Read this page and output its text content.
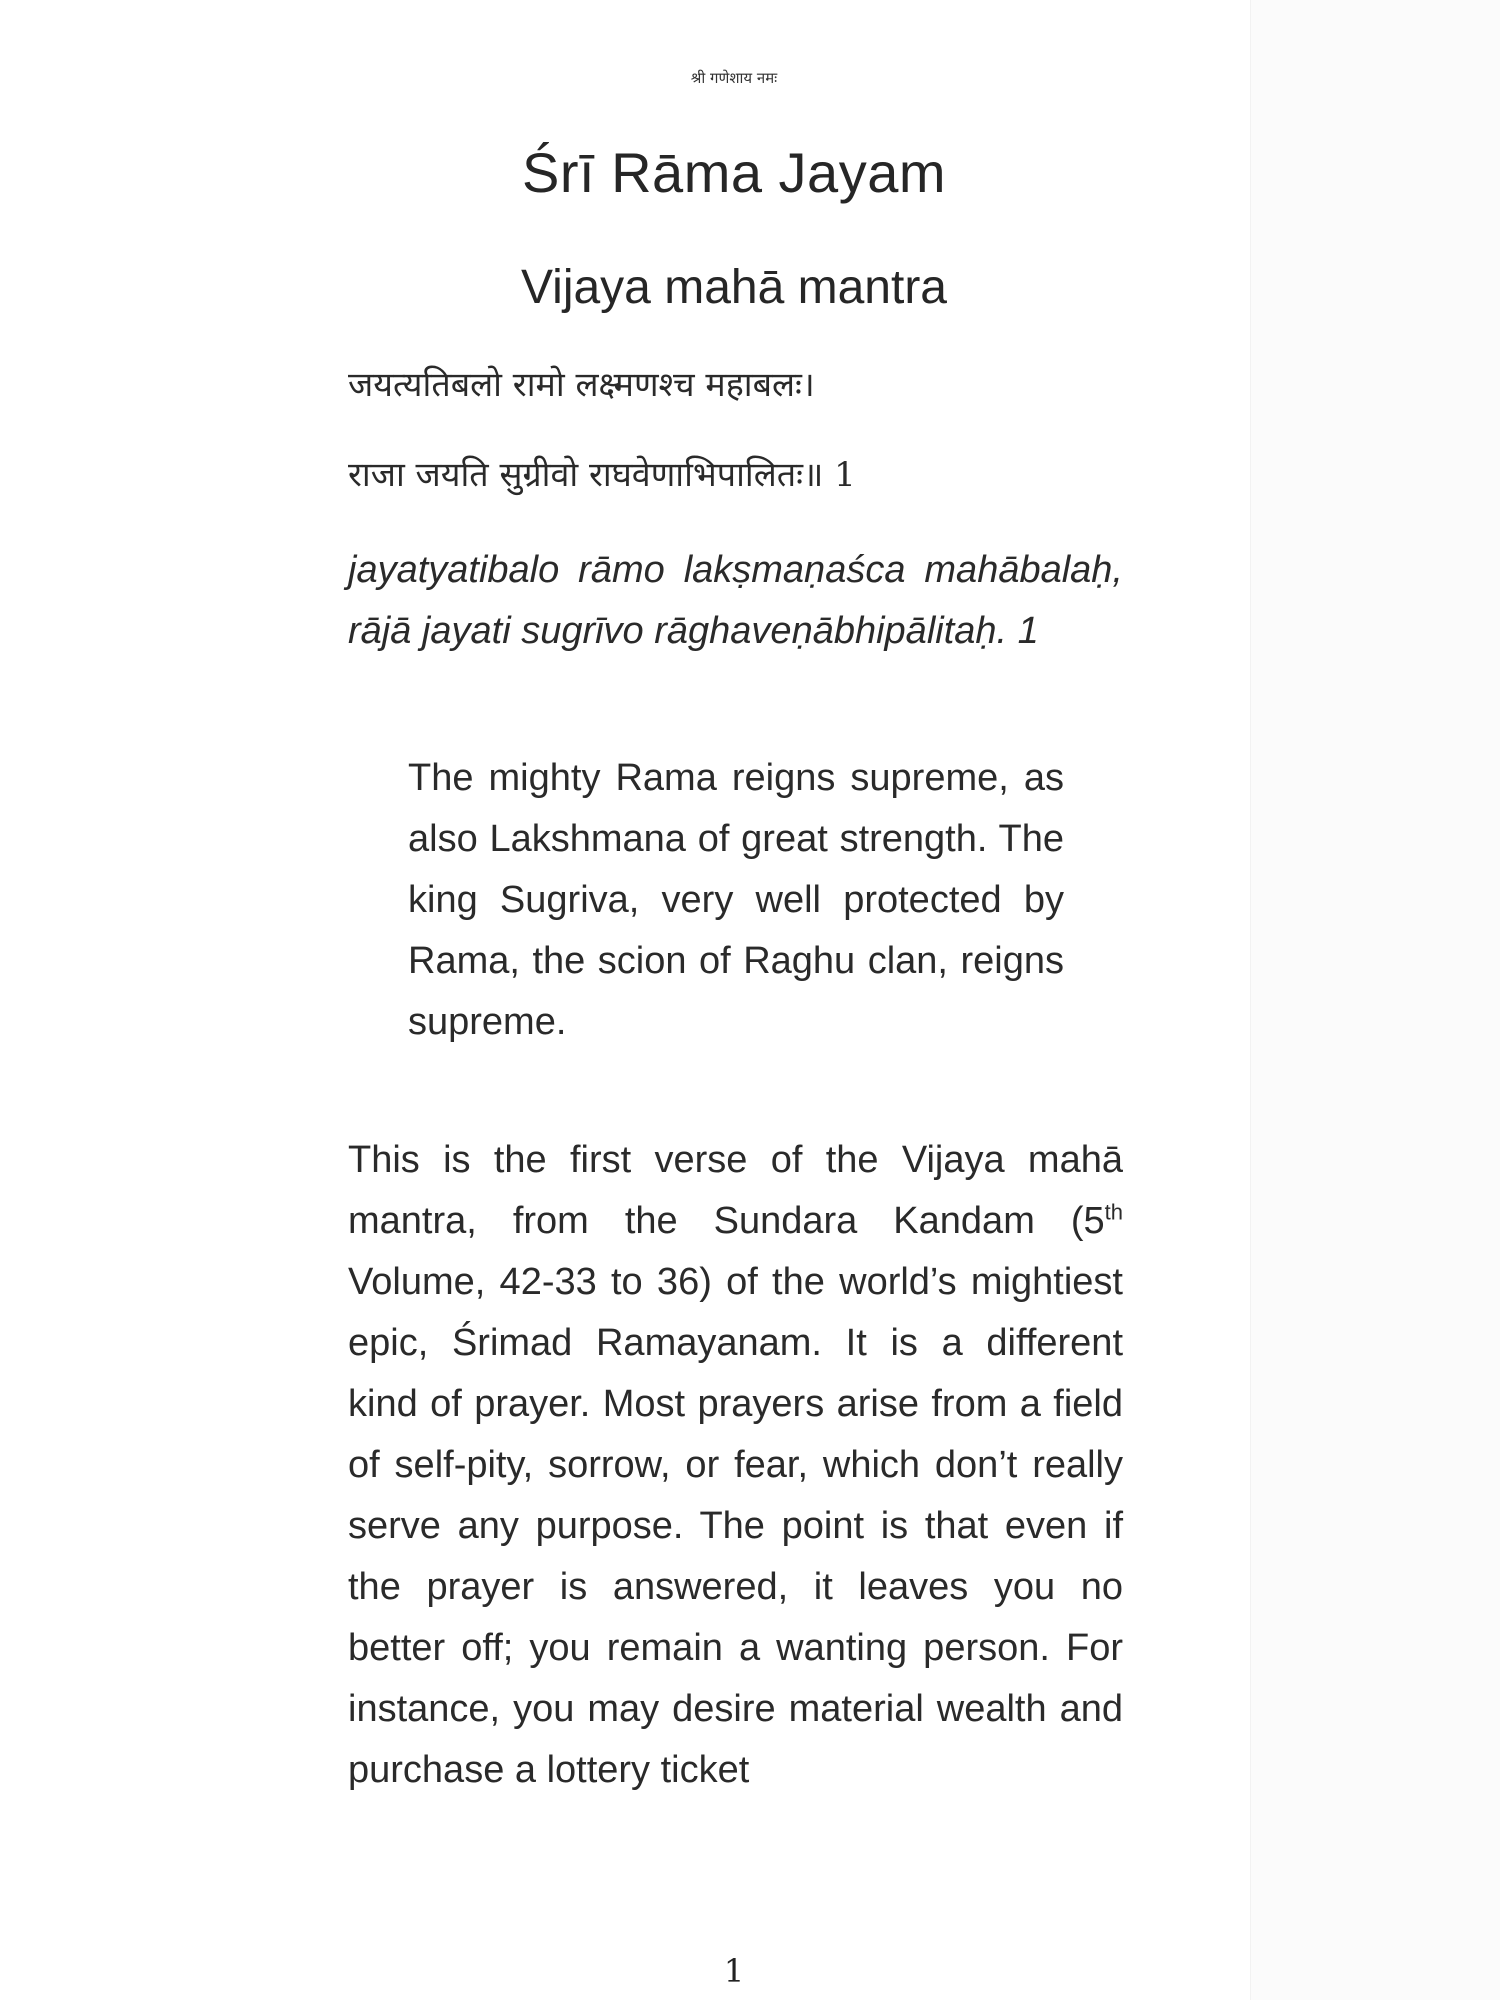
श्री गणेशाय नमः
Śrī Rāma Jayam
Vijaya mahā mantra
जयत्यतिबलो रामो लक्ष्मणश्च महाबलः।
राजा जयति सुग्रीवो राघवेणाभिपालितः॥ 1

jayatyatibalo rāmo lakṣmaṇaśca mahābalaḥ, rājā jayati sugrīvo rāghaveṇābhipālitaḥ. 1

The mighty Rama reigns supreme, as also Lakshmana of great strength. The king Sugriva, very well protected by Rama, the scion of Raghu clan, reigns supreme.

This is the first verse of the Vijaya mahā mantra, from the Sundara Kandam (5th Volume, 42-33 to 36) of the world’s mightiest epic, Śrimad Ramayanam. It is a different kind of prayer. Most prayers arise from a field of self-pity, sorrow, or fear, which don’t really serve any purpose. The point is that even if the prayer is answered, it leaves you no better off; you remain a wanting person. For instance, you may desire material wealth and purchase a lottery ticket

1
